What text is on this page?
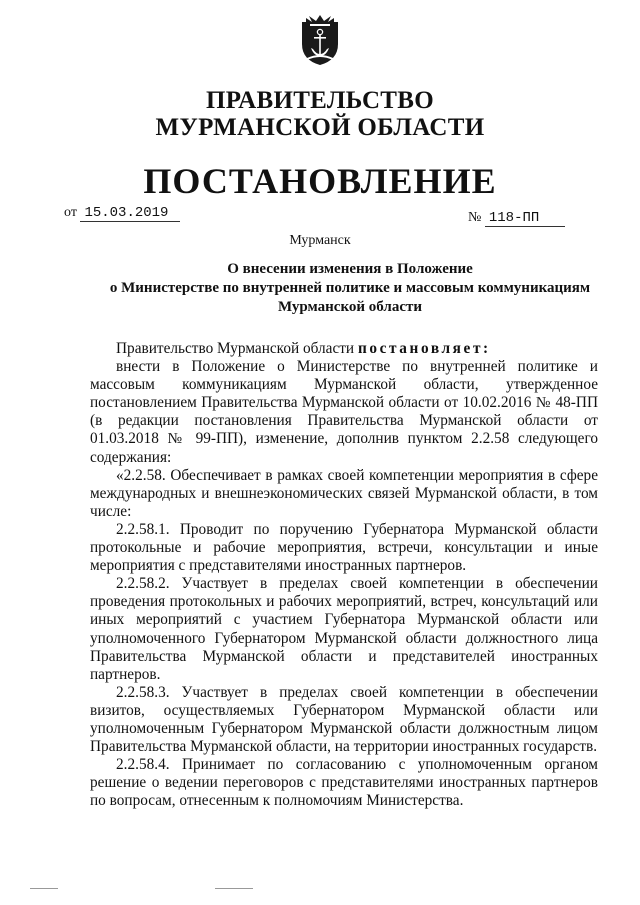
ПРАВИТЕЛЬСТВО
МУРМАНСКОЙ ОБЛАСТИ
ПОСТАНОВЛЕНИЕ
от 15.03.2019	№ 118-ПП
Мурманск
О внесении изменения в Положение
о Министерстве по внутренней политике и массовым коммуникациям
Мурманской области

Правительство Мурманской области постановляет:

внести в Положение о Министерстве по внутренней политике и массовым коммуникациям Мурманской области, утвержденное постановлением Правительства Мурманской области от 10.02.2016 № 48-ПП (в редакции постановления Правительства Мурманской области от 01.03.2018 № 99-ПП), изменение, дополнив пунктом 2.2.58 следующего содержания:

«2.2.58. Обеспечивает в рамках своей компетенции мероприятия в сфере международных и внешнеэкономических связей Мурманской области, в том числе:

2.2.58.1. Проводит по поручению Губернатора Мурманской области протокольные и рабочие мероприятия, встречи, консультации и иные мероприятия с представителями иностранных партнеров.

2.2.58.2. Участвует в пределах своей компетенции в обеспечении проведения протокольных и рабочих мероприятий, встреч, консультаций или иных мероприятий с участием Губернатора Мурманской области или уполномоченного Губернатором Мурманской области должностного лица Правительства Мурманской области и представителей иностранных партнеров.

2.2.58.3. Участвует в пределах своей компетенции в обеспечении визитов, осуществляемых Губернатором Мурманской области или уполномоченным Губернатором Мурманской области должностным лицом Правительства Мурманской области, на территории иностранных государств.

2.2.58.4. Принимает по согласованию с уполномоченным органом решение о ведении переговоров с представителями иностранных партнеров по вопросам, отнесенным к полномочиям Министерства.
